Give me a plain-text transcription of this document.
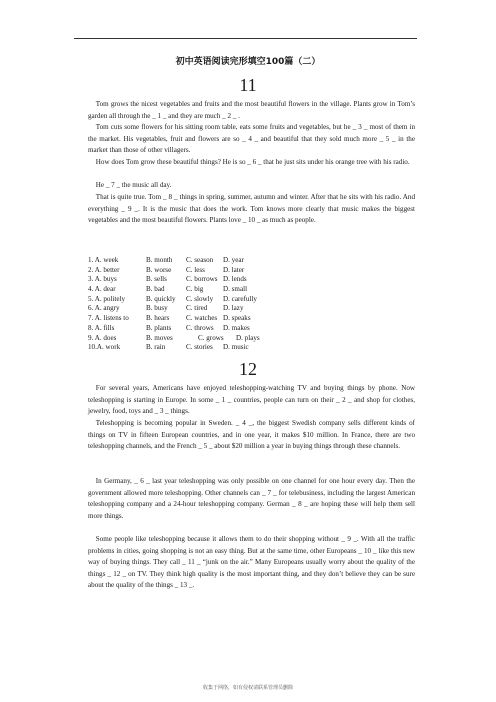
初中英语阅读完形填空100篇（二）
11

Tom grows the nicest vegetables and fruits and the most beautiful flowers in the village. Plants grow in Tom’s garden all through the _ 1 _ and they are much _ 2 _ .

Tom cuts some flowers for his sitting room table, eats some fruits and vegetables, but he _ 3 _ most of them in the market. His vegetables, fruit and flowers are so _ 4 _ and beautiful that they sold much more _ 5 _ in the market than those of other villagers.

How does Tom grow these beautiful things? He is so _ 6 _ that he just sits under his orange tree with his radio.

He _ 7 _ the music all day.

That is quite true. Tom _ 8 _ things in spring, summer, autumn and winter. After that he sits with his radio. And everything _ 9 _. It is the music that does the work. Tom knows more clearly that music makes the biggest vegetables and the most beautiful flowers. Plants love _ 10 _ as much as people.

1. A. week	B. month	C. season	D. year
2. A. better	B. worse	C. less	D. later
3. A. buys	B. sells	C. borrows D. lends
4. A. dear	B. bad	C. big	D. small
5. A. politely	B. quickly	C. slowly	D. carefully
6. A. angry	B. busy	C. tired	D. lazy
7. A. listens to	B. hears	C. watches D. speaks
8. A. fills	B. plants	C. throws	D. makes
9. A. does	B. moves	C. grows	D. plays
10.A. work	B. rain	C. stories	D. music
12

For several years, Americans have enjoyed teleshopping-watching TV and buying things by phone. Now teleshopping is starting in Europe. In some _ 1 _ countries, people can turn on their _ 2 _ and shop for clothes, jewelry, food, toys and _ 3 _ things.

Teleshopping is becoming popular in Sweden. _ 4 _, the biggest Swedish company sells different kinds of things on TV in fifteen European countries, and in one year, it makes $10 million. In France, there are two teleshopping channels, and the French _ 5 _ about $20 million a year in buying things through these channels.

In Germany, _ 6 _ last year teleshopping was only possible on one channel for one hour every day. Then the government allowed more teleshopping. Other channels can _ 7 _ for telebusiness, including the largest American teleshopping company and a 24-hour teleshopping company. German _ 8 _ are hoping these will help them sell more things.

Some people like teleshopping because it allows them to do their shopping without _ 9 _. With all the traffic problems in cities, going shopping is not an easy thing. But at the same time, other Europeans _ 10 _ like this new way of buying things. They call _ 11 _ “junk on the air.” Many Europeans usually worry about the quality of the things _ 12 _ on TV. They think high quality is the most important thing, and they don’t believe they can be sure about the quality of the things _ 13 _.

收集于网络，如有侵权请联系管理员删除
